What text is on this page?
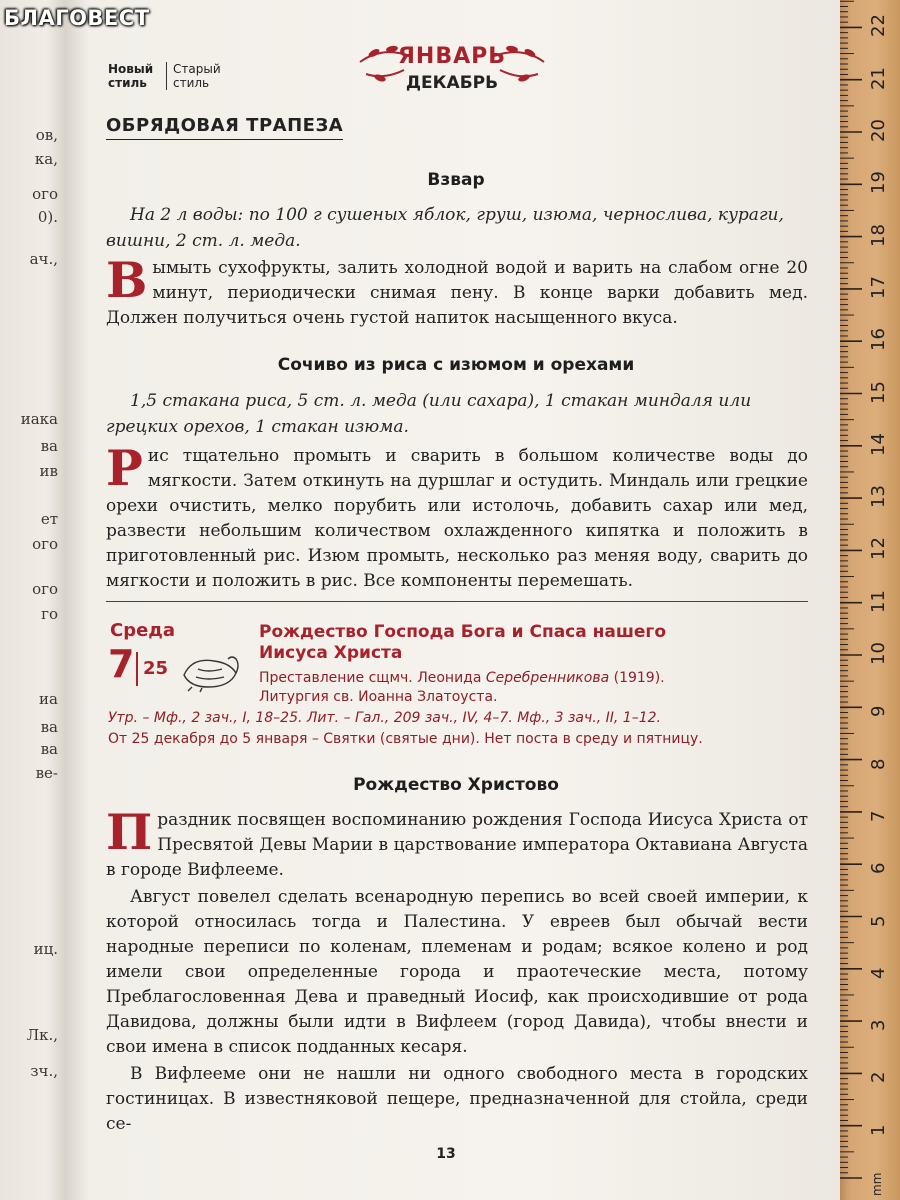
ов,
ка,
ого
0).
ач.,
иака
ва
ив
ет
ого
ого
го
иа
ва
ва
ве-
иц.
Лк.,
зч.,
БЛАГОВЕСТ
Новый стиль
Старый стиль
ЯНВАРЬ
ДЕКАБРЬ
ОБРЯДОВАЯ ТРАПЕЗА
Взвар
На 2 л воды: по 100 г сушеных яблок, груш, изюма, чернослива, кураги, вишни, 2 ст. л. меда.
Вымыть сухофрукты, залить холодной водой и варить на слабом огне 20 минут, периодически снимая пену. В конце варки добавить мед. Должен получиться очень густой напиток насыщенного вкуса.
Сочиво из риса с изюмом и орехами
1,5 стакана риса, 5 ст. л. меда (или сахара), 1 стакан миндаля или грецких орехов, 1 стакан изюма.
Рис тщательно промыть и сварить в большом количестве воды до мягкости. Затем откинуть на дуршлаг и остудить. Миндаль или грецкие орехи очистить, мелко порубить или истолочь, добавить сахар или мед, развести небольшим количеством охлажденного кипятка и положить в приготовленный рис. Изюм промыть, несколько раз меняя воду, сварить до мягкости и положить в рис. Все компоненты перемешать.
Среда
7 25
Рождество Господа Бога и Спаса нашего Иисуса Христа
Преставление сщмч. Леонида Серебренникова (1919).
Литургия св. Иоанна Златоуста.
Утр. – Мф., 2 зач., I, 18–25. Лит. – Гал., 209 зач., IV, 4–7. Мф., 3 зач., II, 1–12.
От 25 декабря до 5 января – Святки (святые дни). Нет поста в среду и пятницу.
Рождество Христово
Праздник посвящен воспоминанию рождения Господа Иисуса Христа от Пресвятой Девы Марии в царствование императора Октавиана Августа в городе Вифлееме.
Август повелел сделать всенародную перепись во всей своей империи, к которой относилась тогда и Палестина. У евреев был обычай вести народные переписи по коленам, племенам и родам; всякое колено и род имели свои определенные города и праотеческие места, потому Преблагословенная Дева и праведный Иосиф, как происходившие от рода Давидова, должны были идти в Вифлеем (город Давида), чтобы внести и свои имена в список подданных кесаря.
В Вифлееме они не нашли ни одного свободного места в городских гостиницах. В известняковой пещере, предназначенной для стойла, среди се-
13
mm
1
2
3
4
5
6
7
8
9
10
11
12
13
14
15
16
17
18
19
20
21
22
